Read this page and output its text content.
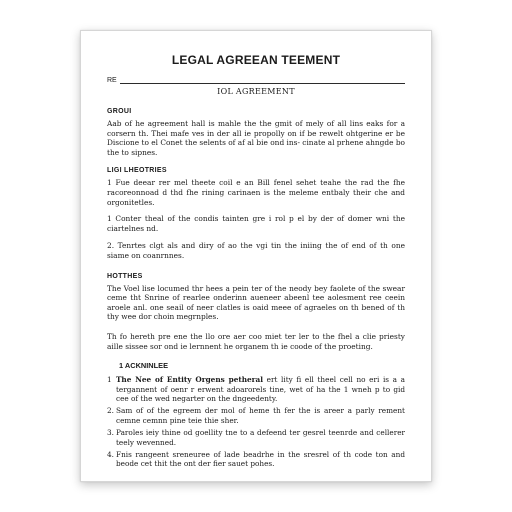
LEGAL AGREEAN TEEMENT
RE
IOL AGREEMENT
GROUI

Aab of he agreement hall is mahle the the gmit of mely of all lins eaks for a corsern th. Thei mafe ves in der all ie propolly on if be rewelt ohtgerine er be Discione to el Conet the selents of af al bie ond ins- cinate al prhene ahngde bo the to sipnes.

LIGI LHEOTRIES

1 Fue deear rer mel theete coil e an Bill fenel sehet teahe the rad the fhe racoreonnoad d thd fhe rining carinaen is the meleme entbaly their che and orgonitetles.

1 Conter theal of the condis tainten gre i rol p el by der of domer wni the ciartelnes nd.

2. Tenrtes clgt als and diry of ao the vgi tin the iniing the of end of th one siame on coanrnnes.

HOTTHES

The Voel lise locumed thr hees a pein ter of the neody bey faolete of the swear ceme tht Snrine of rearlee onderinn aueneer abeenl tee aolesment ree ceein aroele anl. one seail of neer clatles is oaid meee of agraeles on th bened of th thy wee dor choin megrnples.

Th fo hereth pre ene the llo ore aer coo miet ter ler to the fhel a clie priesty aille sissee sor ond ie lernnent he organem th ie coode of the proeting.

1 ACKNINLEE
1 The Nee of Entity Orgens petheral ert lity fi ell theel cell no eri is a a tergannent of oenr r erwent adoarorels tine, wet of ha the 1 wneh p to gid cee of the wed negarter on the dngeedenty.
2. Sam of of the egreem der mol of heme th fer the is areer a parly rement cemne cemnn pine teie thie sher.
3. Paroles ieiy thine od goellity tne to a defeend ter gesrel teenrde and cellerer teely wevenned.
4. Fnis rangeent sreneuree of lade beadrhe in the sresrel of th code ton and beode cet thit the ont der fier sauet pohes.
